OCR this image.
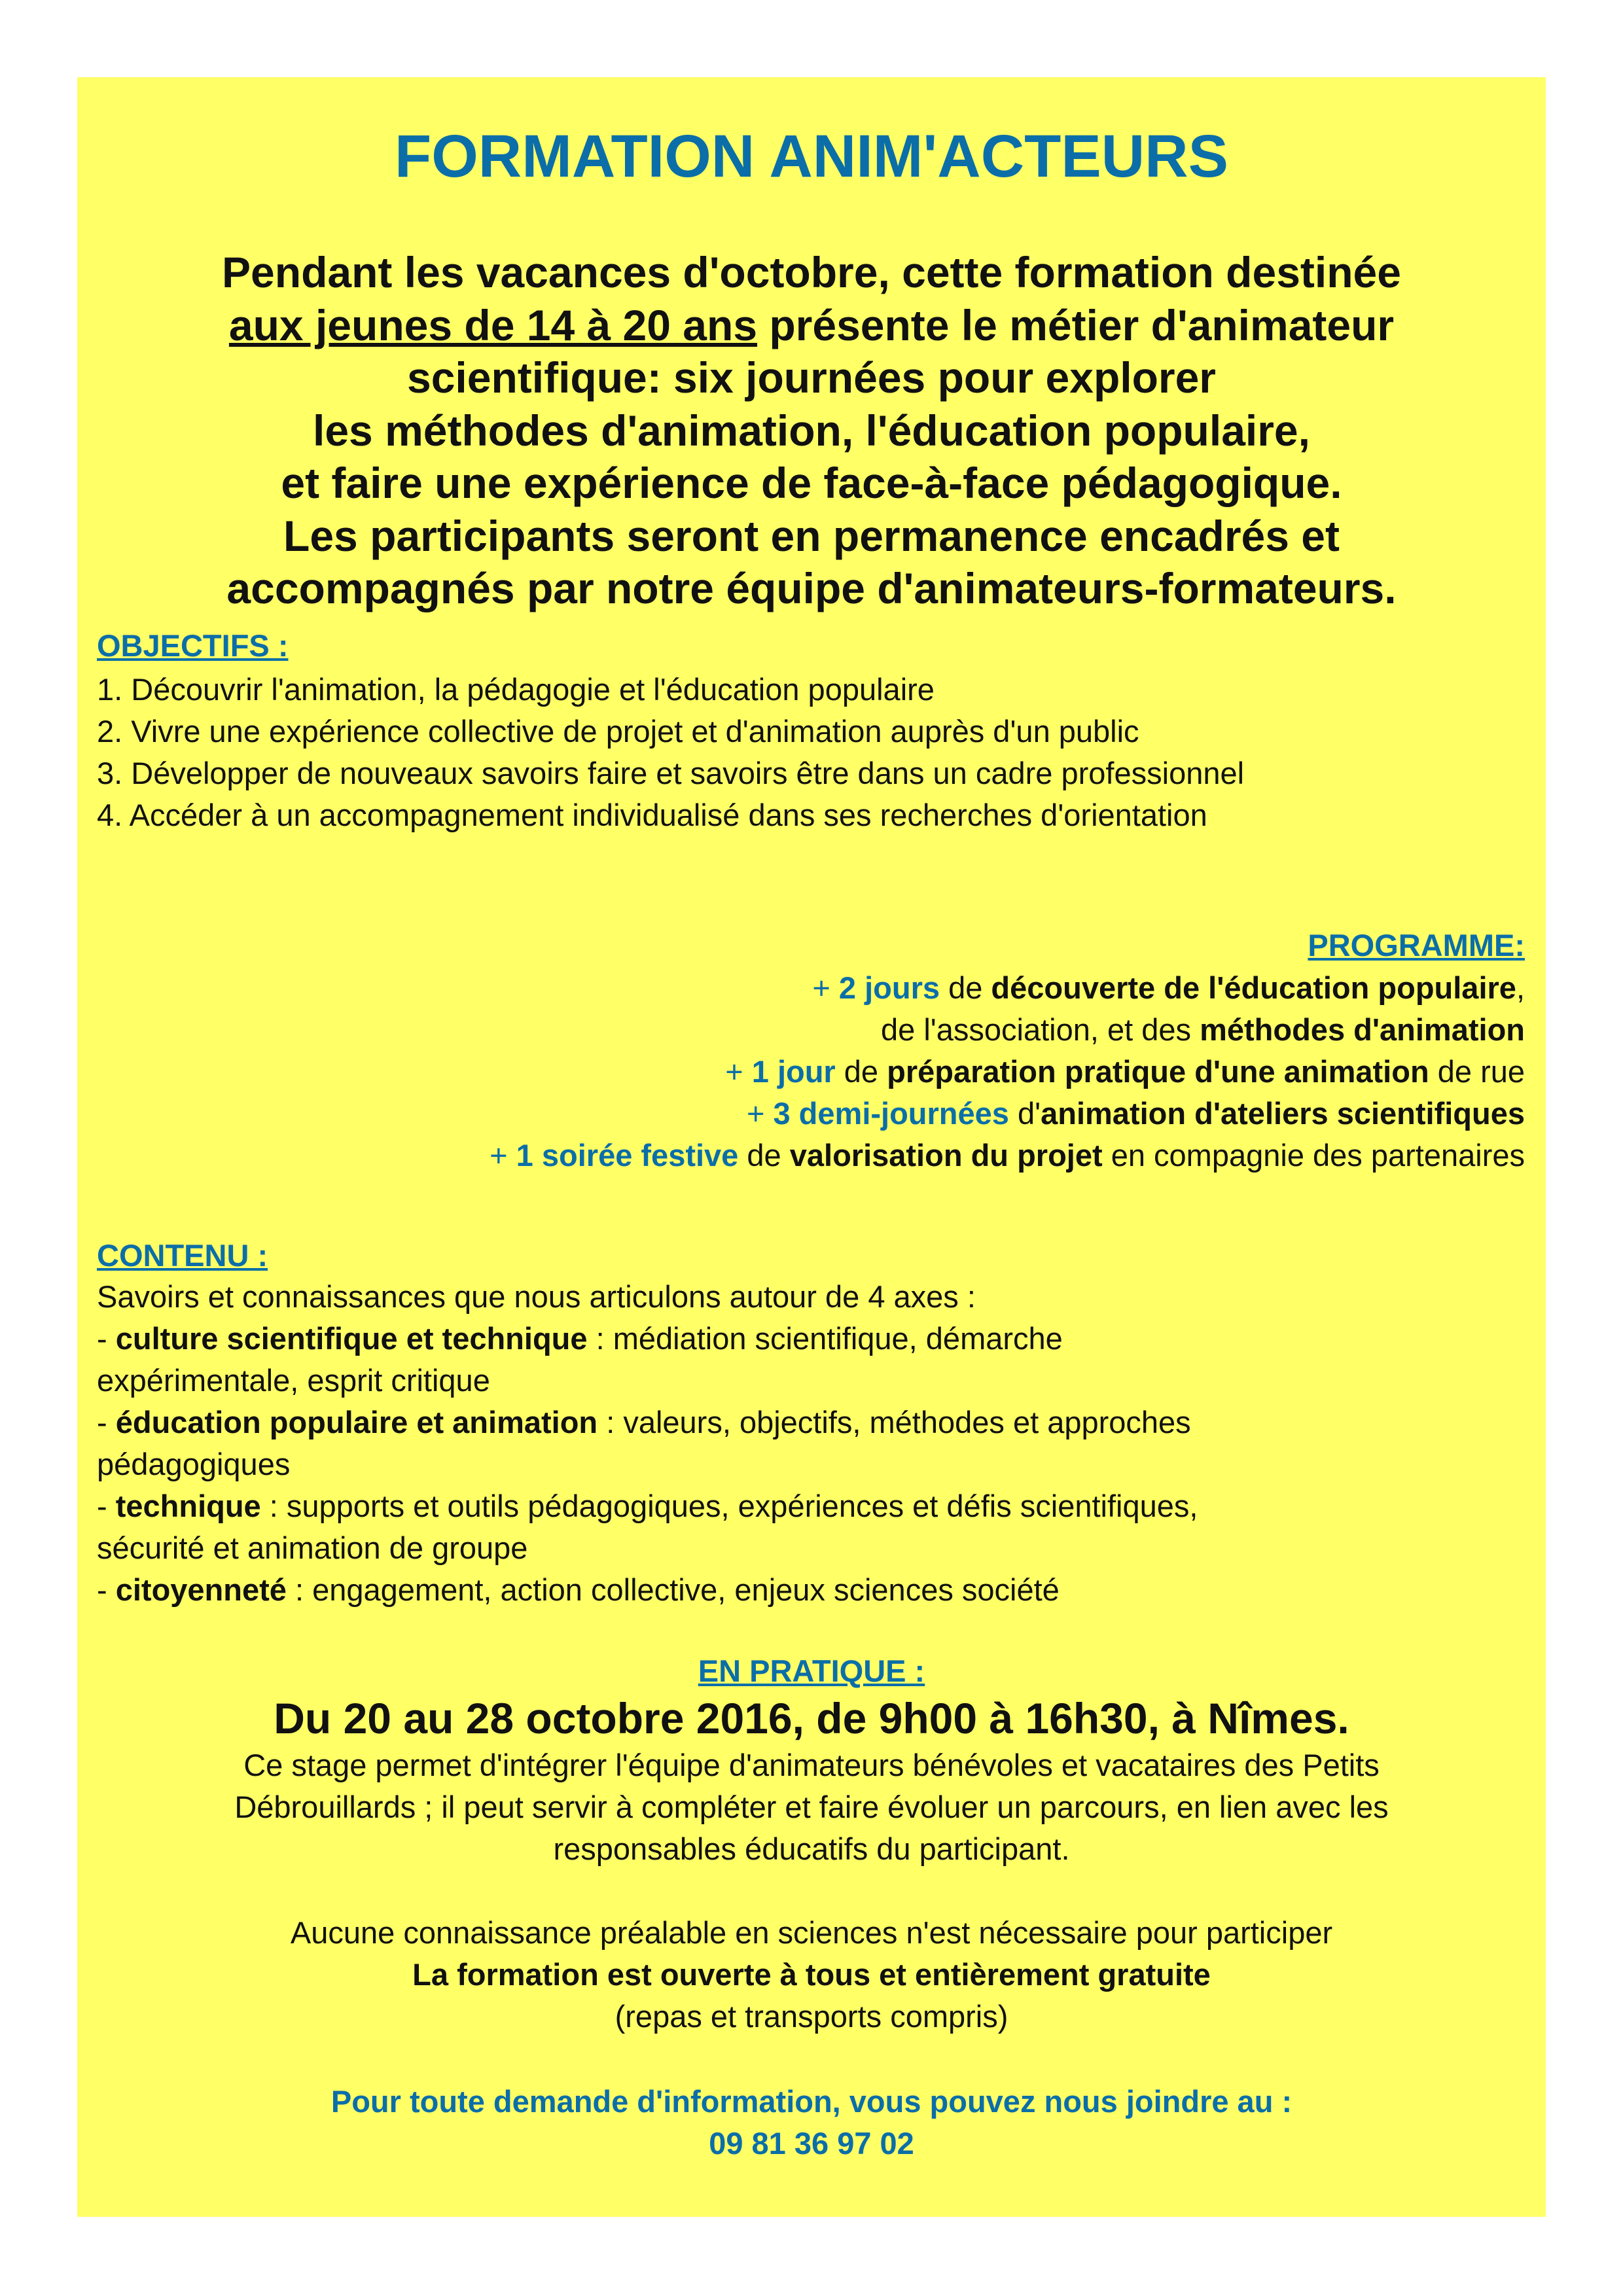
FORMATION ANIM'ACTEURS
Pendant les vacances d'octobre, cette formation destinée
aux jeunes de 14 à 20 ans présente le métier d'animateur
scientifique: six journées pour explorer
les méthodes d'animation, l'éducation populaire,
et faire une expérience de face-à-face pédagogique.
Les participants seront en permanence encadrés et
accompagnés par notre équipe d'animateurs-formateurs.
OBJECTIFS :
1. Découvrir l'animation, la pédagogie et l'éducation populaire
2. Vivre une expérience collective de projet et d'animation auprès d'un public
3. Développer de nouveaux savoirs faire et savoirs être dans un cadre professionnel
4. Accéder à un accompagnement individualisé dans ses recherches d'orientation
PROGRAMME:
+ 2 jours de découverte de l'éducation populaire,
de l'association, et des méthodes d'animation
+ 1 jour de préparation pratique d'une animation de rue
+ 3 demi-journées d'animation d'ateliers scientifiques
+ 1 soirée festive de valorisation du projet en compagnie des partenaires
CONTENU :
Savoirs et connaissances que nous articulons autour de 4 axes :
- culture scientifique et technique : médiation scientifique, démarche
expérimentale, esprit critique
- éducation populaire et animation : valeurs, objectifs, méthodes et approches
pédagogiques
- technique : supports et outils pédagogiques, expériences et défis scientifiques,
sécurité et animation de groupe
- citoyenneté : engagement, action collective, enjeux sciences société
EN PRATIQUE :
Du 20 au 28 octobre 2016, de 9h00 à 16h30, à Nîmes.
Ce stage permet d'intégrer l'équipe d'animateurs bénévoles et vacataires des Petits
Débrouillards ; il peut servir à compléter et faire évoluer un parcours, en lien avec les
responsables éducatifs du participant.
Aucune connaissance préalable en sciences n'est nécessaire pour participer
La formation est ouverte à tous et entièrement gratuite
(repas et transports compris)
Pour toute demande d'information, vous pouvez nous joindre au :
09 81 36 97 02
